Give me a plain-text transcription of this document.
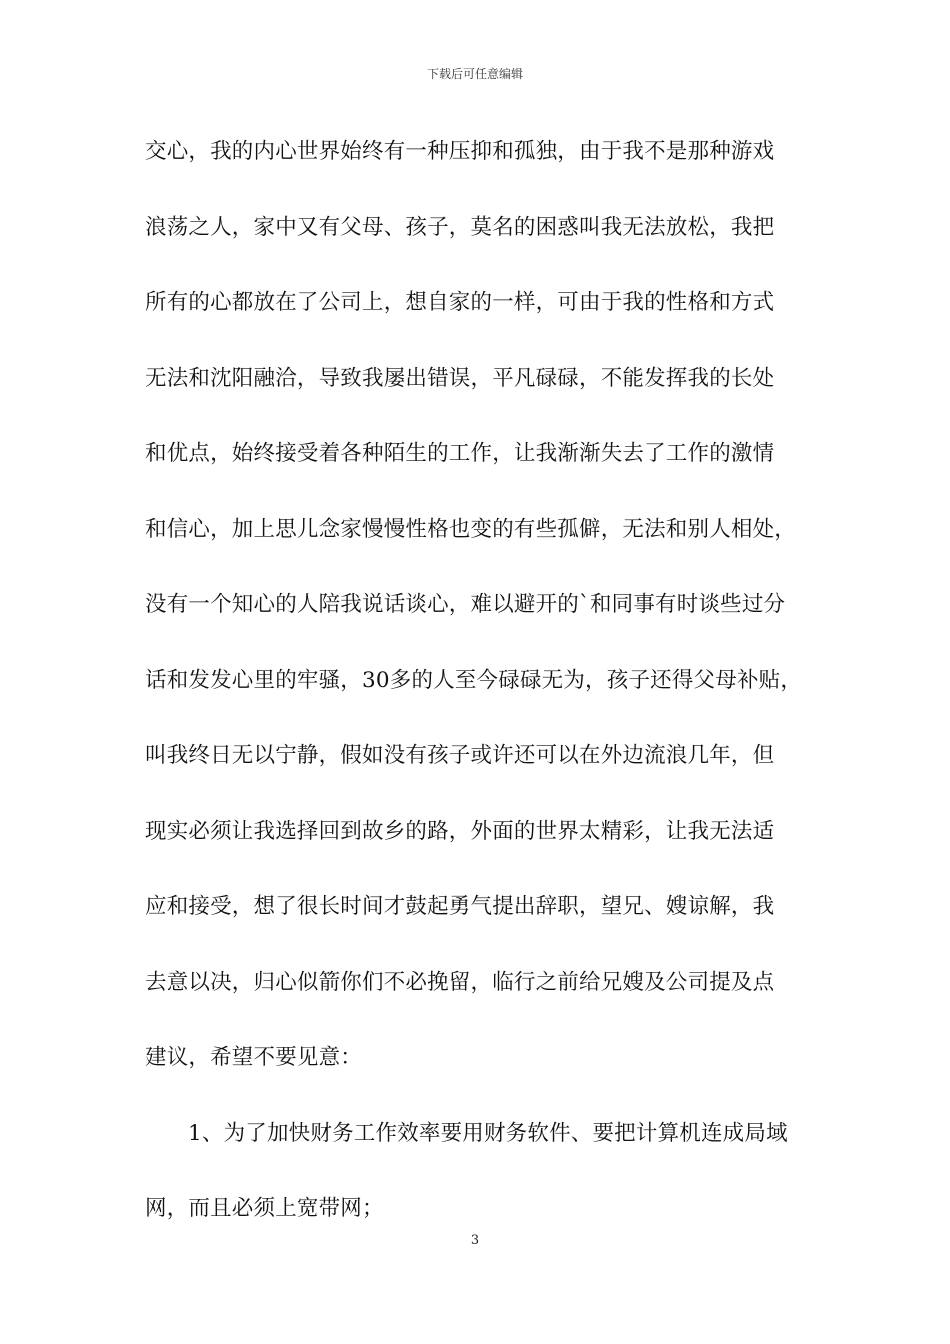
下载后可任意编辑
交心，我的内心世界始终有一种压抑和孤独，由于我不是那种游戏
浪荡之人，家中又有父母、孩子，莫名的困惑叫我无法放松，我把
所有的心都放在了公司上，想自家的一样，可由于我的性格和方式
无法和沈阳融洽，导致我屡出错误，平凡碌碌，不能发挥我的长处
和优点，始终接受着各种陌生的工作，让我渐渐失去了工作的激情
和信心，加上思儿念家慢慢性格也变的有些孤僻，无法和别人相处，
没有一个知心的人陪我说话谈心，难以避开的`和同事有时谈些过分
话和发发心里的牢骚，30多的人至今碌碌无为，孩子还得父母补贴，
叫我终日无以宁静，假如没有孩子或许还可以在外边流浪几年，但
现实必须让我选择回到故乡的路，外面的世界太精彩，让我无法适
应和接受，想了很长时间才鼓起勇气提出辞职，望兄、嫂谅解，我
去意以决，归心似箭你们不必挽留，临行之前给兄嫂及公司提及点
建议，希望不要见意：
1、为了加快财务工作效率要用财务软件、要把计算机连成局域
网，而且必须上宽带网；
3
